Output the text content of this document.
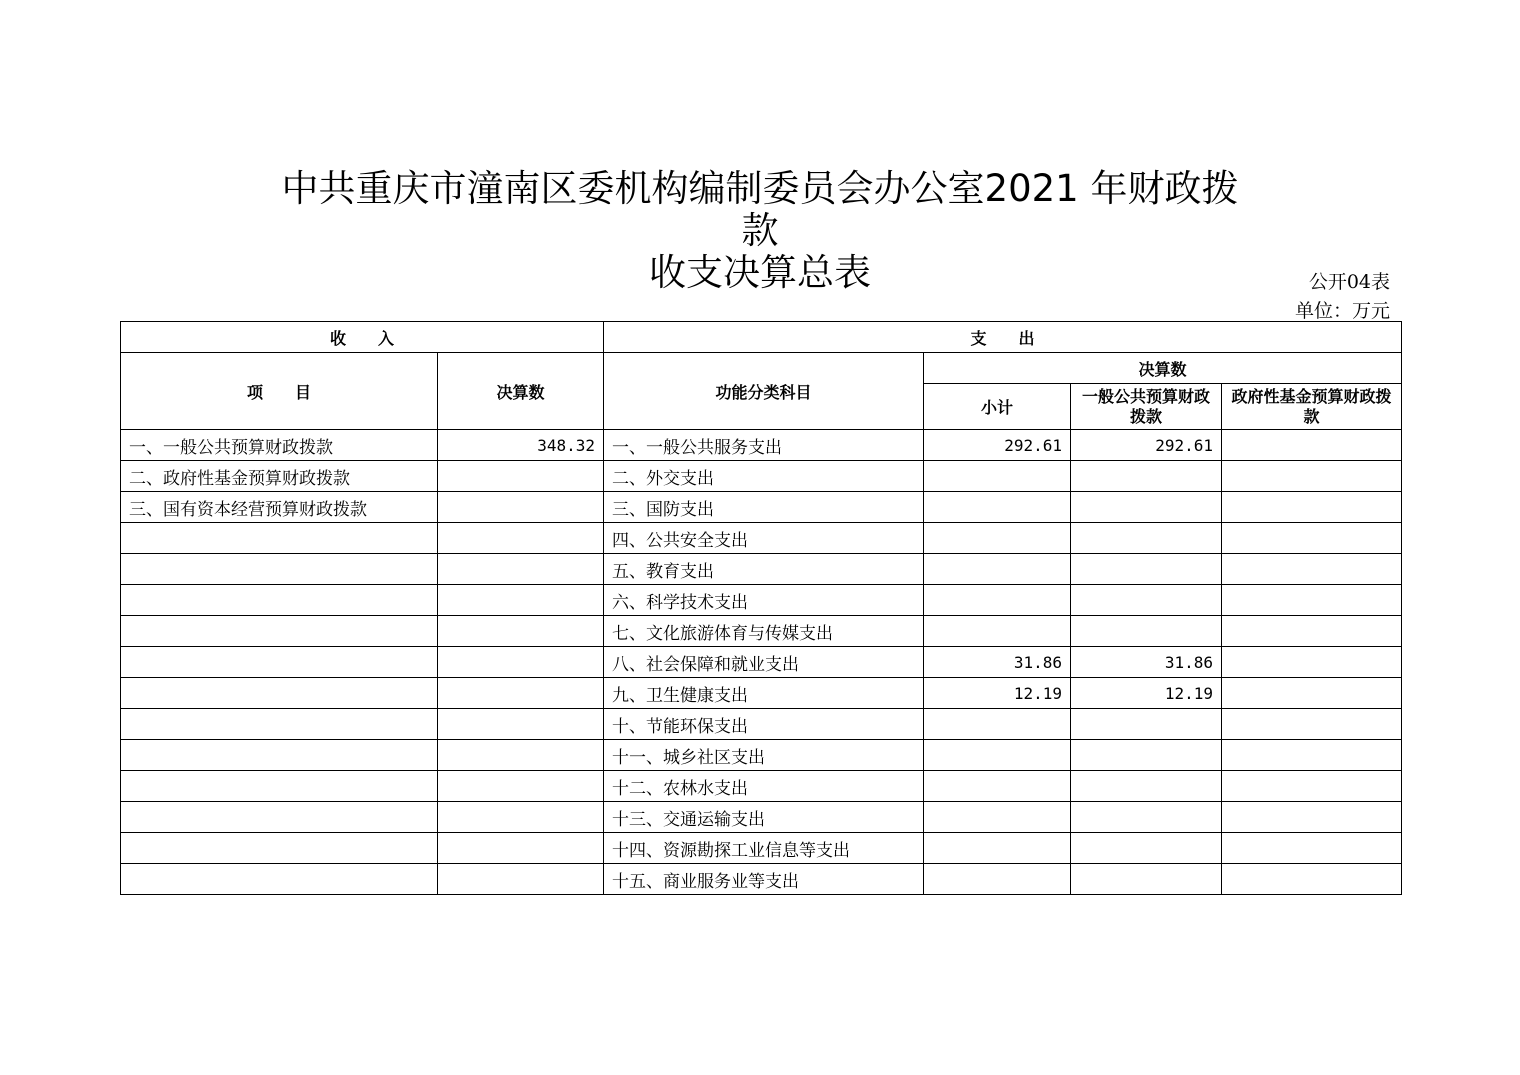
中共重庆市潼南区委机构编制委员会办公室2021 年财政拨
款
收支决算总表	公开04表
单位：万元
收　　入		支　　出			
项　　目	决算数	功能分类科目	决算数		
			小计	一般公共预算财政拨款	政府性基金预算财政拨款
一、一般公共预算财政拨款	348.32	一、一般公共服务支出	292.61	292.61	
二、政府性基金预算财政拨款		二、外交支出			
三、国有资本经营预算财政拨款		三、国防支出			
		四、公共安全支出			
		五、教育支出			
		六、科学技术支出			
		七、文化旅游体育与传媒支出			
		八、社会保障和就业支出	31.86	31.86	
		九、卫生健康支出	12.19	12.19	
		十、节能环保支出			
		十一、城乡社区支出			
		十二、农林水支出			
		十三、交通运输支出			
		十四、资源勘探工业信息等支出			
		十五、商业服务业等支出			
